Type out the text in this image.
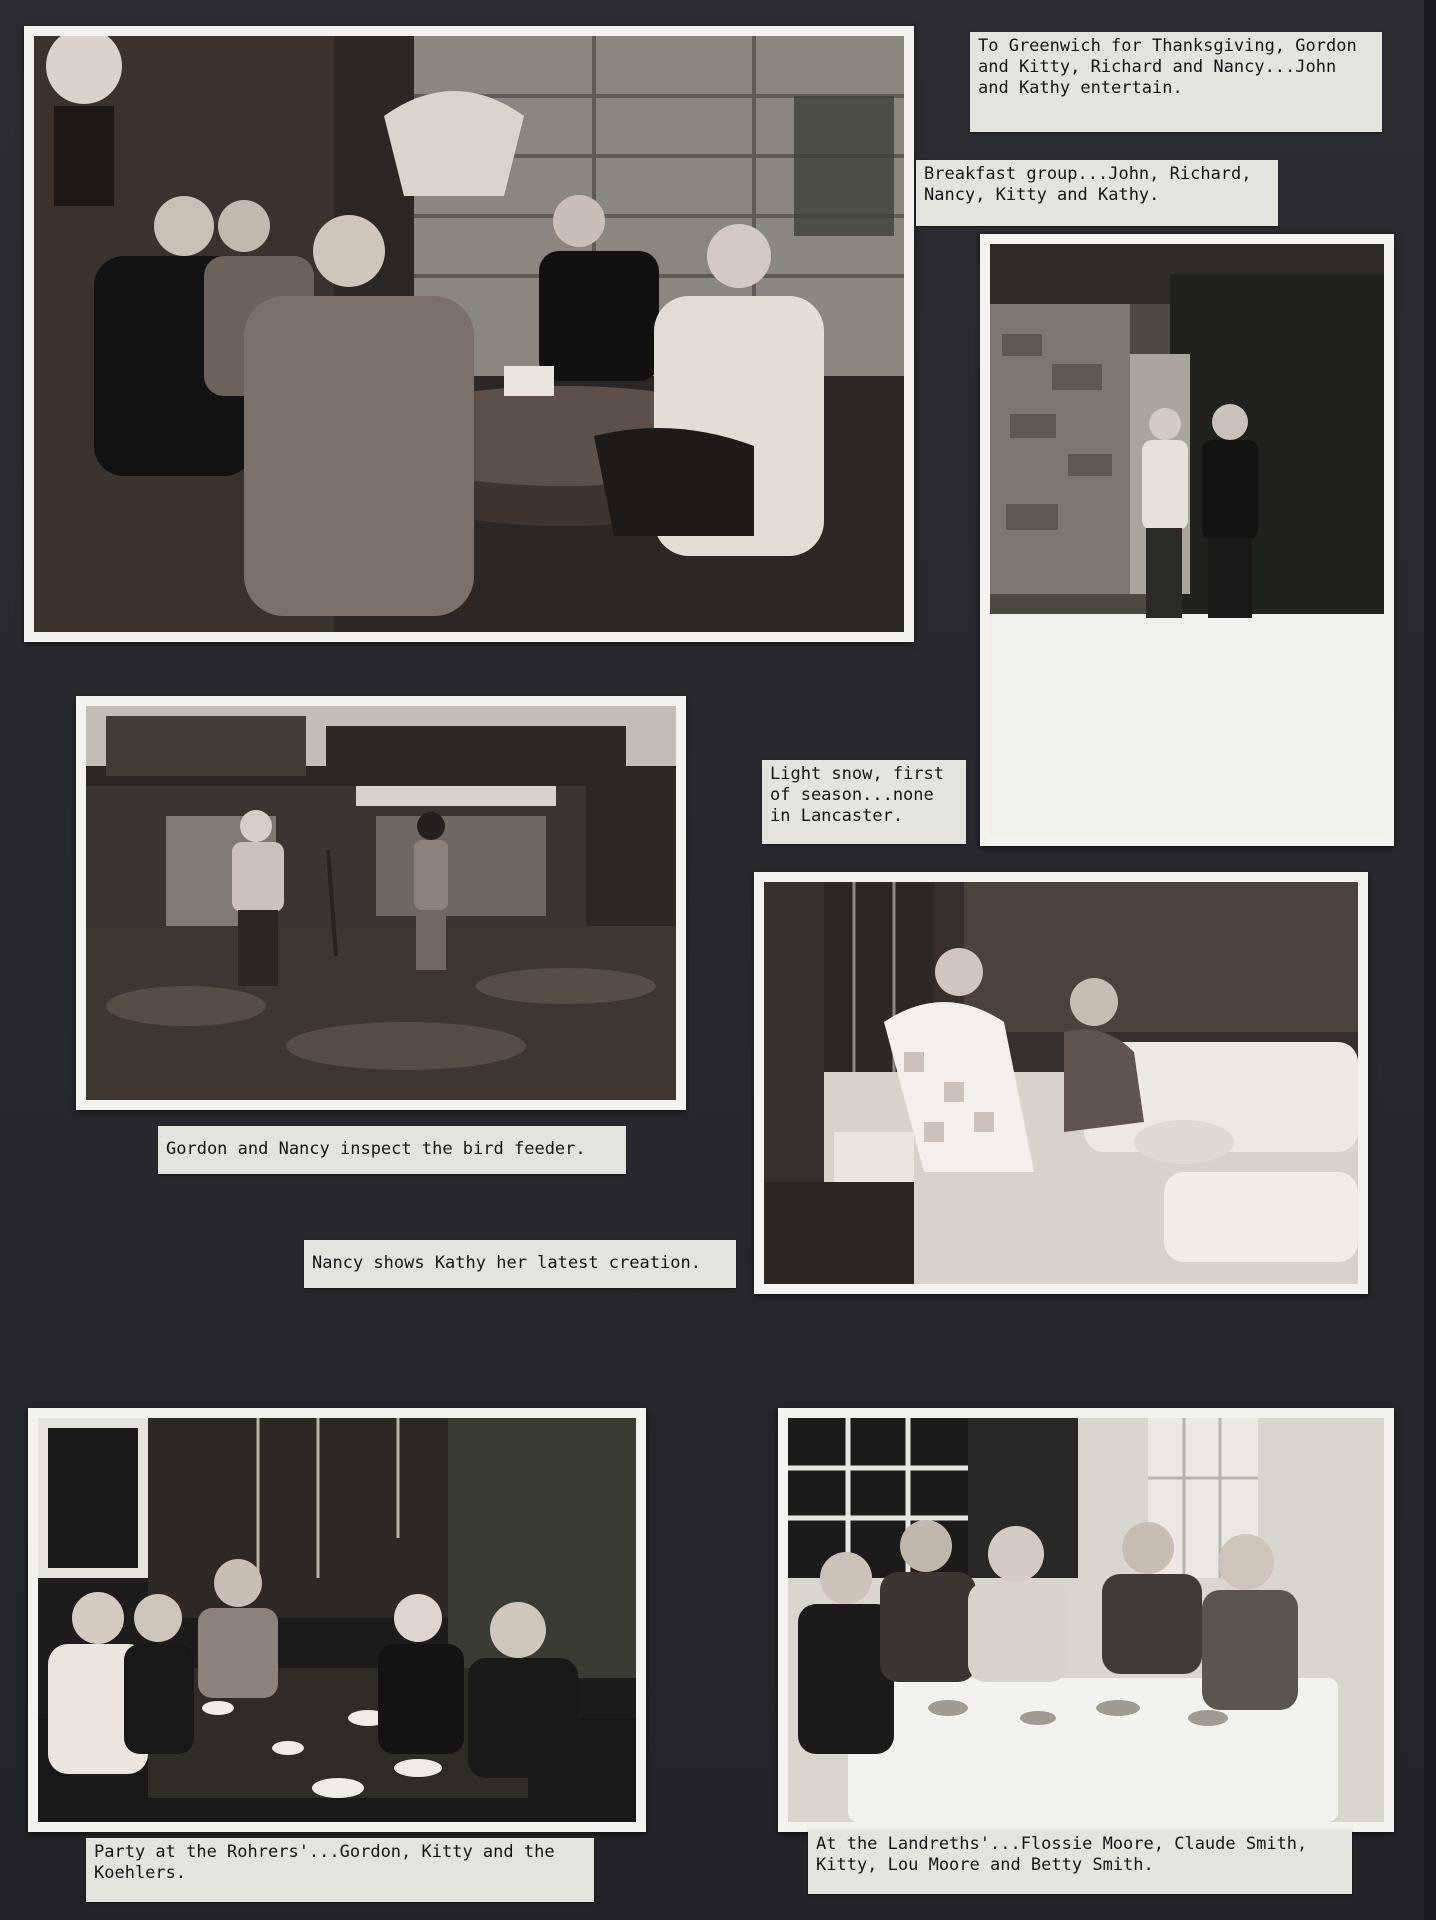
To Greenwich for Thanksgiving, Gordon
and Kitty, Richard and Nancy...John
and Kathy entertain.
Breakfast group...John, Richard,
Nancy, Kitty and Kathy.
Light snow, first
of season...none
in Lancaster.
Gordon and Nancy inspect the bird feeder.
Nancy shows Kathy her latest creation.
Party at the Rohrers'...Gordon, Kitty and the
Koehlers.
At the Landreths'...Flossie Moore, Claude Smith,
Kitty, Lou Moore and Betty Smith.
